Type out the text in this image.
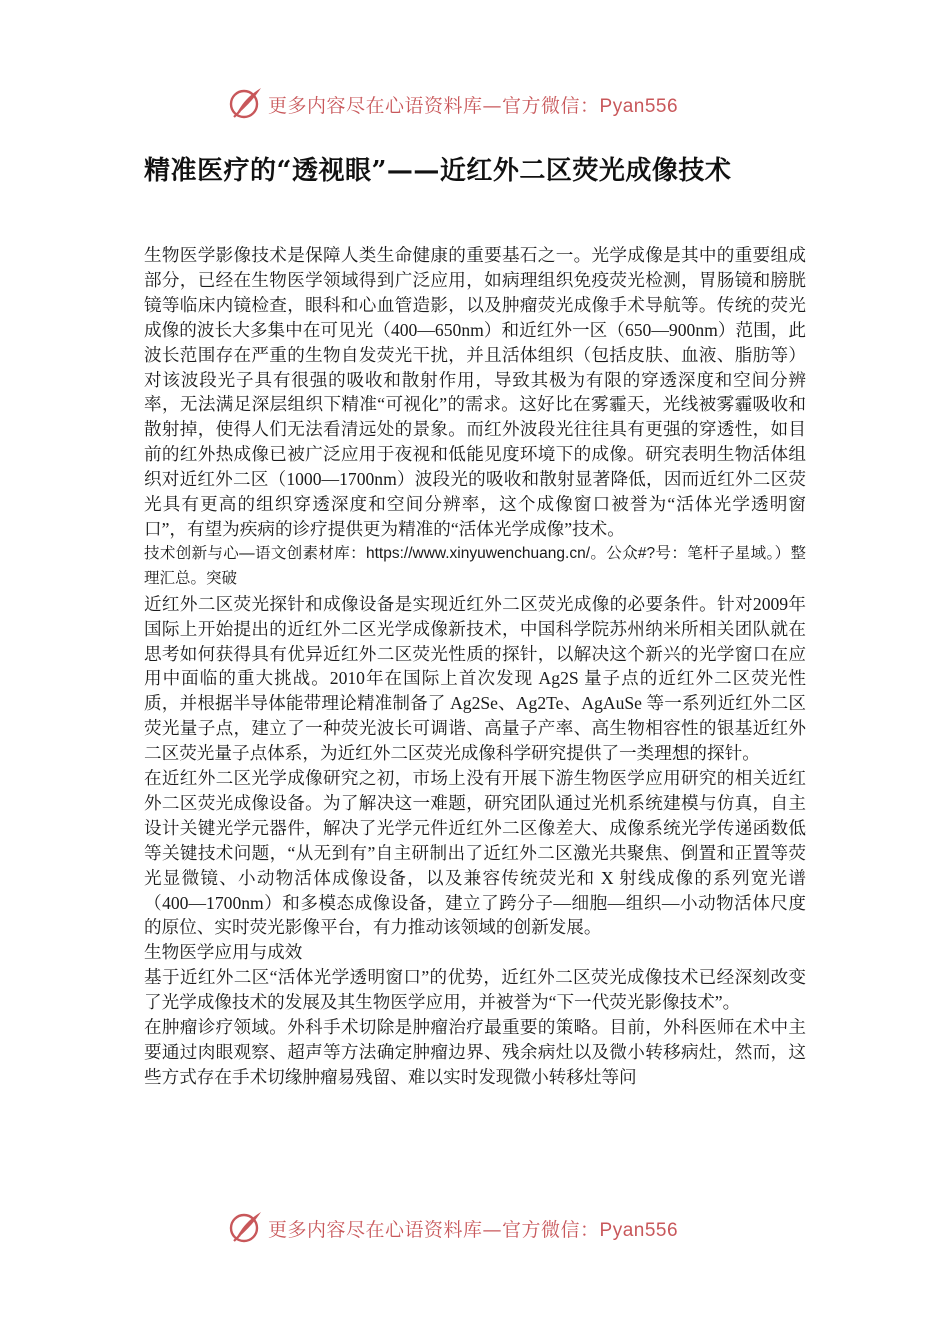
更多内容尽在心语资料库—官方微信：Pyan556
精准医疗的“透视眼”——近红外二区荧光成像技术

生物医学影像技术是保障人类生命健康的重要基石之一。光学成像是其中的重要组成部分，已经在生物医学领域得到广泛应用，如病理组织免疫荧光检测，胃肠镜和膀胱镜等临床内镜检查，眼科和心血管造影，以及肿瘤荧光成像手术导航等。传统的荧光成像的波长大多集中在可见光（400—650nm）和近红外一区（650—900nm）范围，此波长范围存在严重的生物自发荧光干扰，并且活体组织（包括皮肤、血液、脂肪等）对该波段光子具有很强的吸收和散射作用，导致其极为有限的穿透深度和空间分辨率，无法满足深层组织下精准“可视化”的需求。这好比在雾霾天，光线被雾霾吸收和散射掉，使得人们无法看清远处的景象。而红外波段光往往具有更强的穿透性，如目前的红外热成像已被广泛应用于夜视和低能见度环境下的成像。研究表明生物活体组织对近红外二区（1000—1700nm）波段光的吸收和散射显著降低，因而近红外二区荧光具有更高的组织穿透深度和空间分辨率，这个成像窗口被誉为“活体光学透明窗口”，有望为疾病的诊疗提供更为精准的“活体光学成像”技术。

技术创新与心—语文创素材库：https://www.xinyuwenchuang.cn/。公众#?号：笔杆子星域。）整理汇总。突破

近红外二区荧光探针和成像设备是实现近红外二区荧光成像的必要条件。针对2009年国际上开始提出的近红外二区光学成像新技术，中国科学院苏州纳米所相关团队就在思考如何获得具有优异近红外二区荧光性质的探针，以解决这个新兴的光学窗口在应用中面临的重大挑战。2010年在国际上首次发现 Ag2S 量子点的近红外二区荧光性质，并根据半导体能带理论精准制备了 Ag2Se、Ag2Te、AgAuSe 等一系列近红外二区荧光量子点，建立了一种荧光波长可调谐、高量子产率、高生物相容性的银基近红外二区荧光量子点体系，为近红外二区荧光成像科学研究提供了一类理想的探针。

在近红外二区光学成像研究之初，市场上没有开展下游生物医学应用研究的相关近红外二区荧光成像设备。为了解决这一难题，研究团队通过光机系统建模与仿真，自主设计关键光学元器件，解决了光学元件近红外二区像差大、成像系统光学传递函数低等关键技术问题，“从无到有”自主研制出了近红外二区激光共聚焦、倒置和正置等荧光显微镜、小动物活体成像设备，以及兼容传统荧光和 X 射线成像的系列宽光谱（400—1700nm）和多模态成像设备，建立了跨分子—细胞—组织—小动物活体尺度的原位、实时荧光影像平台，有力推动该领域的创新发展。

生物医学应用与成效

基于近红外二区“活体光学透明窗口”的优势，近红外二区荧光成像技术已经深刻改变了光学成像技术的发展及其生物医学应用，并被誉为“下一代荧光影像技术”。

在肿瘤诊疗领域。外科手术切除是肿瘤治疗最重要的策略。目前，外科医师在术中主要通过肉眼观察、超声等方法确定肿瘤边界、残余病灶以及微小转移病灶，然而，这些方式存在手术切缘肿瘤易残留、难以实时发现微小转移灶等问

更多内容尽在心语资料库—官方微信：Pyan556
